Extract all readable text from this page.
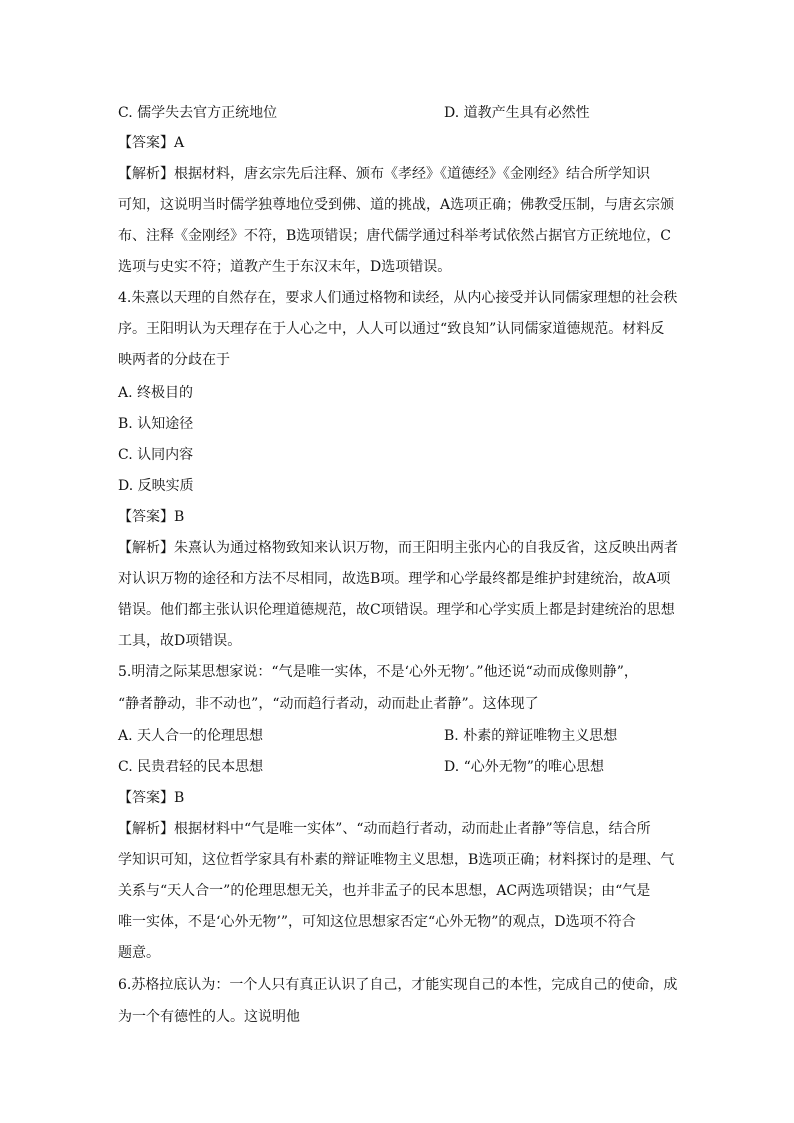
C. 儒学失去官方正统地位	D. 道教产生具有必然性
【答案】A
【解析】根据材料，唐玄宗先后注释、颁布《孝经》《道德经》《金刚经》结合所学知识
可知，这说明当时儒学独尊地位受到佛、道的挑战，A选项正确；佛教受压制，与唐玄宗颁
布、注释《金刚经》不符，B选项错误；唐代儒学通过科举考试依然占据官方正统地位，C
选项与史实不符；道教产生于东汉末年，D选项错误。
4.朱熹以天理的自然存在，要求人们通过格物和读经，从内心接受并认同儒家理想的社会秩
序。王阳明认为天理存在于人心之中，人人可以通过“致良知”认同儒家道德规范。材料反
映两者的分歧在于
A. 终极目的
B. 认知途径
C. 认同内容
D. 反映实质
【答案】B
【解析】朱熹认为通过格物致知来认识万物，而王阳明主张内心的自我反省，这反映出两者
对认识万物的途径和方法不尽相同，故选B项。理学和心学最终都是维护封建统治，故A项
错误。他们都主张认识伦理道德规范，故C项错误。理学和心学实质上都是封建统治的思想
工具，故D项错误。
5.明清之际某思想家说：“气是唯一实体，不是‘心外无物’。”他还说“动而成像则静”，
“静者静动，非不动也”，“动而趋行者动，动而赴止者静”。这体现了
A. 天人合一的伦理思想	B. 朴素的辩证唯物主义思想
C. 民贵君轻的民本思想	D. “心外无物”的唯心思想
【答案】B
【解析】根据材料中“气是唯一实体”、“动而趋行者动，动而赴止者静”等信息，结合所
学知识可知，这位哲学家具有朴素的辩证唯物主义思想，B选项正确；材料探讨的是理、气
关系与“天人合一”的伦理思想无关，也并非孟子的民本思想，AC两选项错误；由“气是
唯一实体，不是‘心外无物’”，可知这位思想家否定“心外无物”的观点，D选项不符合
题意。
6.苏格拉底认为：一个人只有真正认识了自己，才能实现自己的本性，完成自己的使命，成
为一个有德性的人。这说明他
